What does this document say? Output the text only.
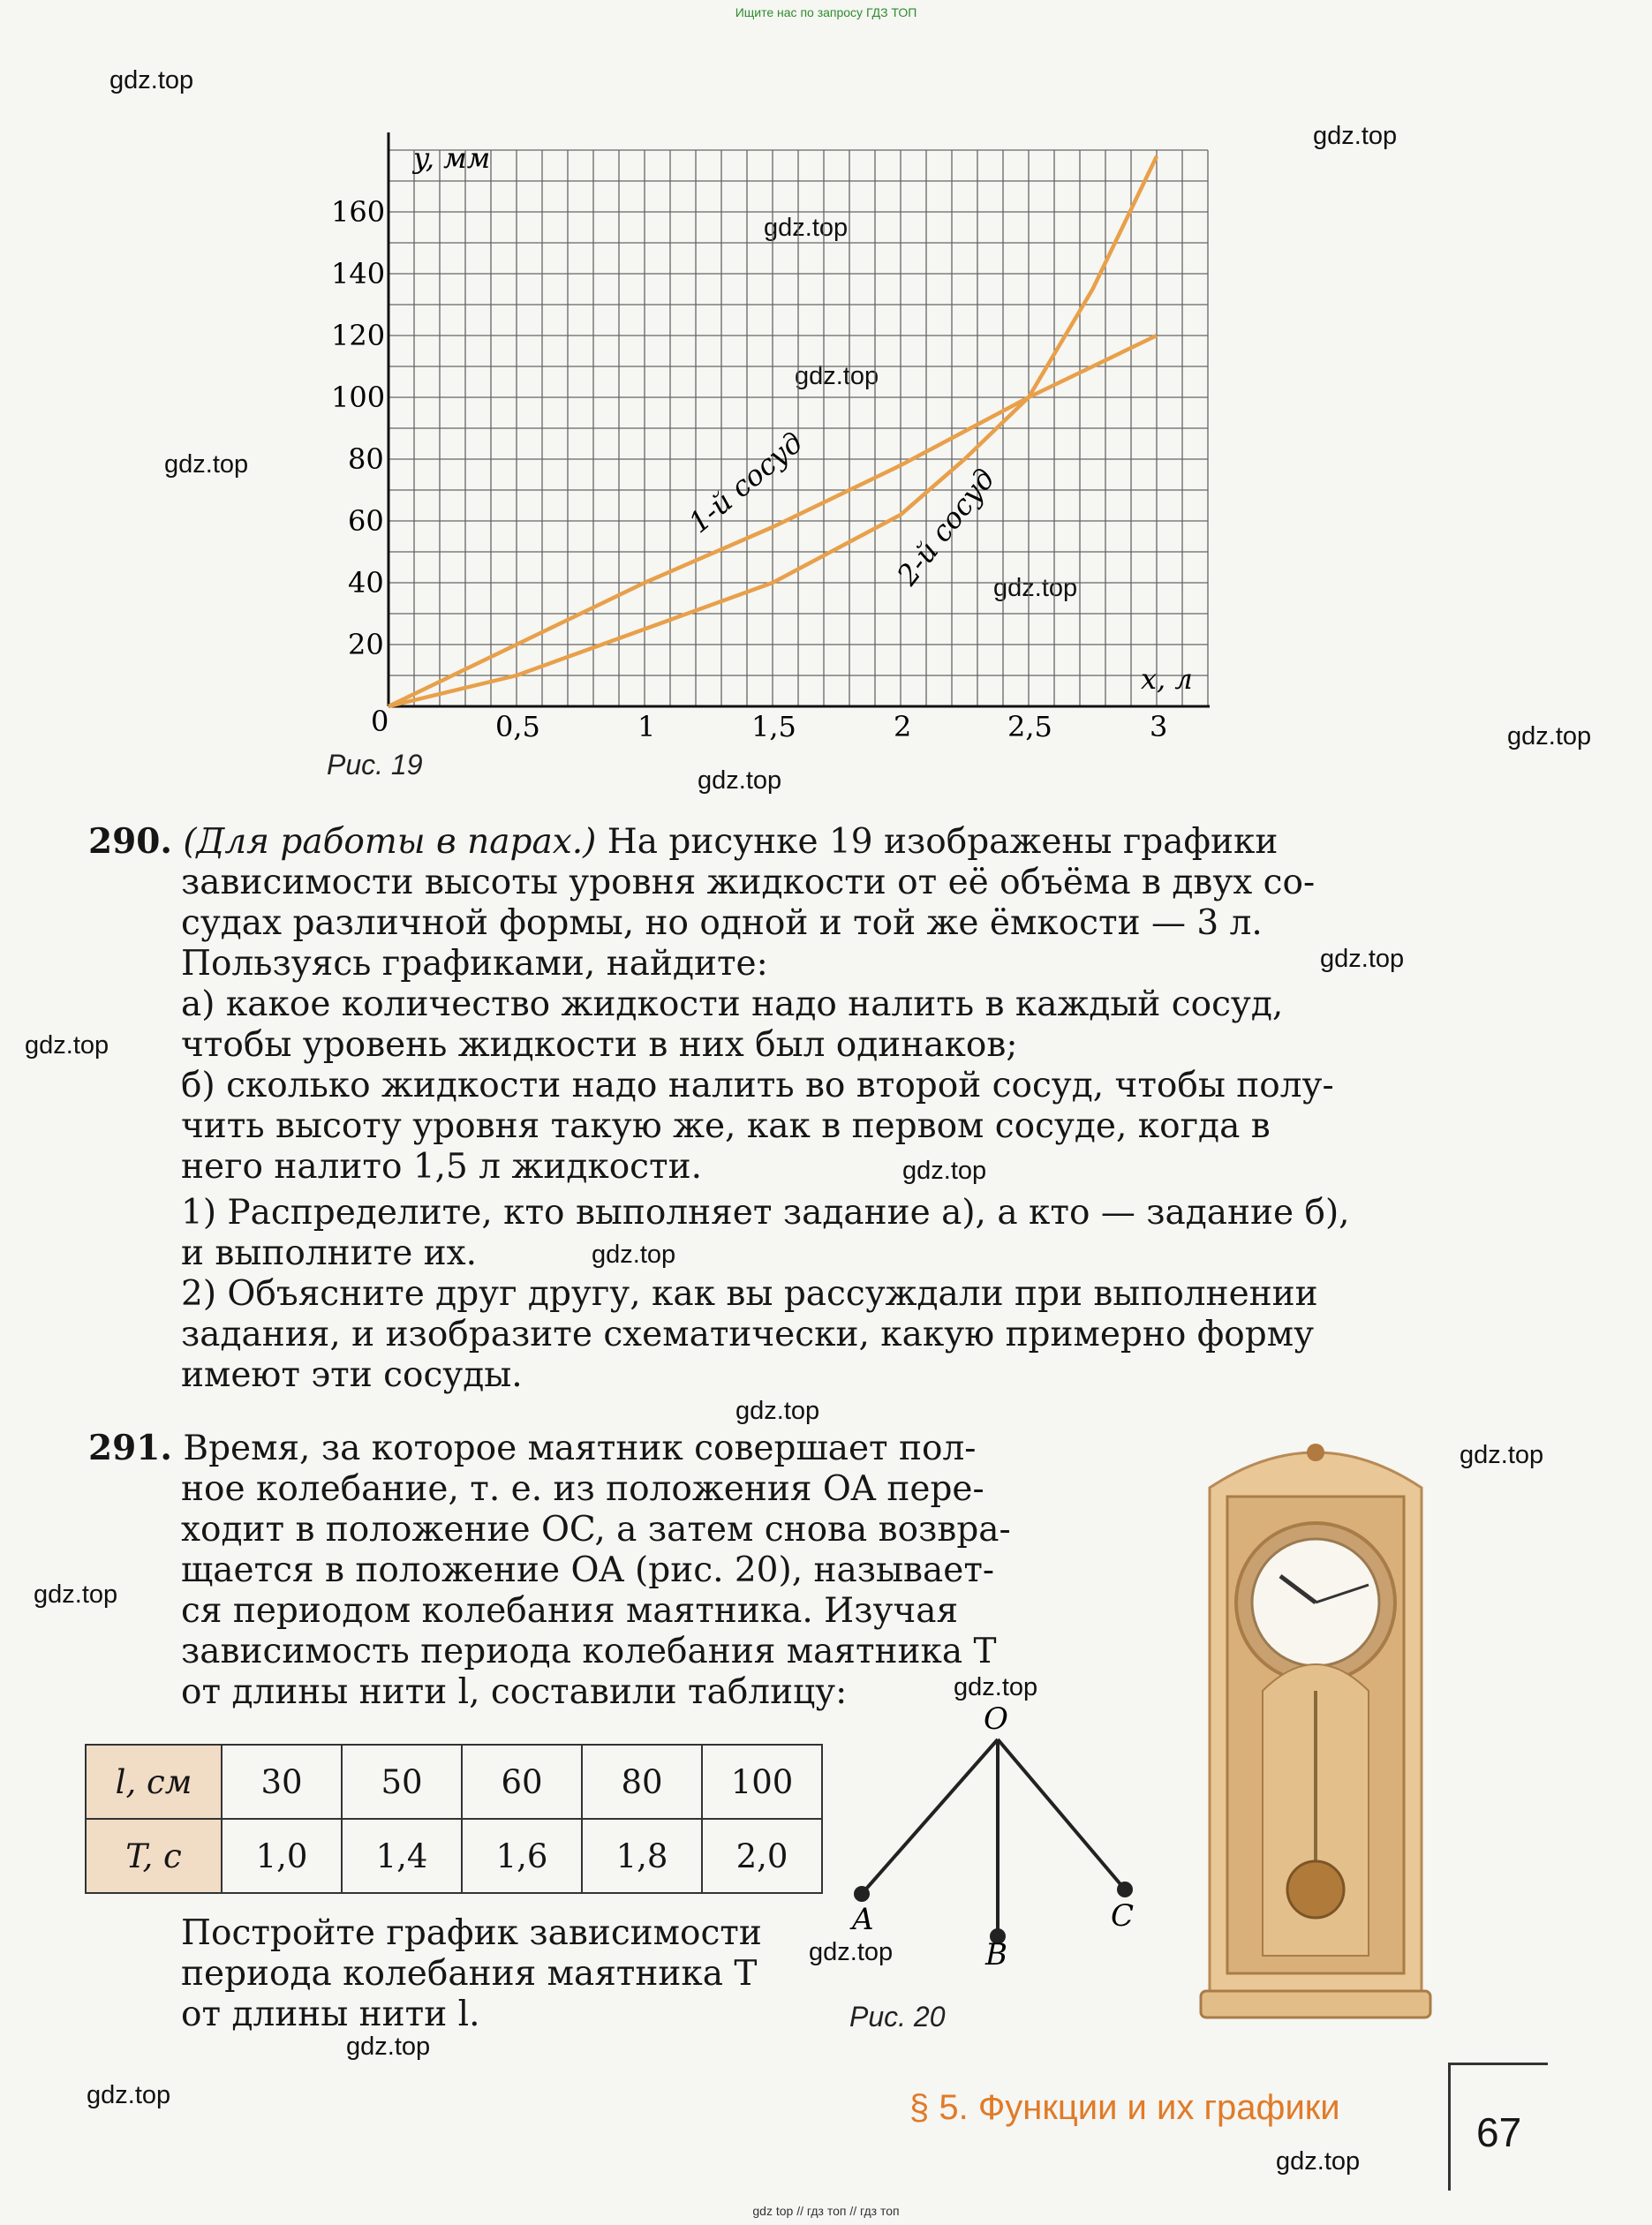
Ищите нас по запросу ГДЗ ТОП
gdz top // гдз топ // гдз топ
gdz.top
gdz.top
gdz.top
gdz.top
gdz.top
gdz.top
gdz.top
gdz.top
gdz.top
gdz.top
gdz.top
gdz.top
gdz.top
gdz.top
gdz.top
gdz.top
gdz.top
gdz.top
gdz.top
gdz.top
0,5	1	1,5	2	2,5	3
20
40
60
80
100
120
140
160
y, мм
x, л
0
1-й сосуд	2-й сосуд
Рис. 19
290. (Для работы в парах.) На рисунке 19 изображены графики
зависимости высоты уровня жидкости от её объёма в двух со-
судах различной формы, но одной и той же ёмкости — 3 л.
Пользуясь графиками, найдите:
а) какое количество жидкости надо налить в каждый сосуд,
чтобы уровень жидкости в них был одинаков;
б) сколько жидкости надо налить во второй сосуд, чтобы полу-
чить высоту уровня такую же, как в первом сосуде, когда в
него налито 1,5 л жидкости.
1) Распределите, кто выполняет задание а), а кто — задание б),
и выполните их.
2) Объясните друг другу, как вы рассуждали при выполнении
задания, и изобразите схематически, какую примерно форму
имеют эти сосуды.
291. Время, за которое маятник совершает пол-
ное колебание, т. е. из положения OA пере-
ходит в положение OC, а затем снова возвра-
щается в положение OA (рис. 20), называет-
ся периодом колебания маятника. Изучая
зависимость периода колебания маятника T
от длины нити l, составили таблицу:
l, см	30	50	60	80	100
T, с	1,0	1,4	1,6	1,8	2,0
Постройте график зависимости
периода колебания маятника T
от длины нити l.
O
A
B
C
Рис. 20
§ 5. Функции и их графики
67
